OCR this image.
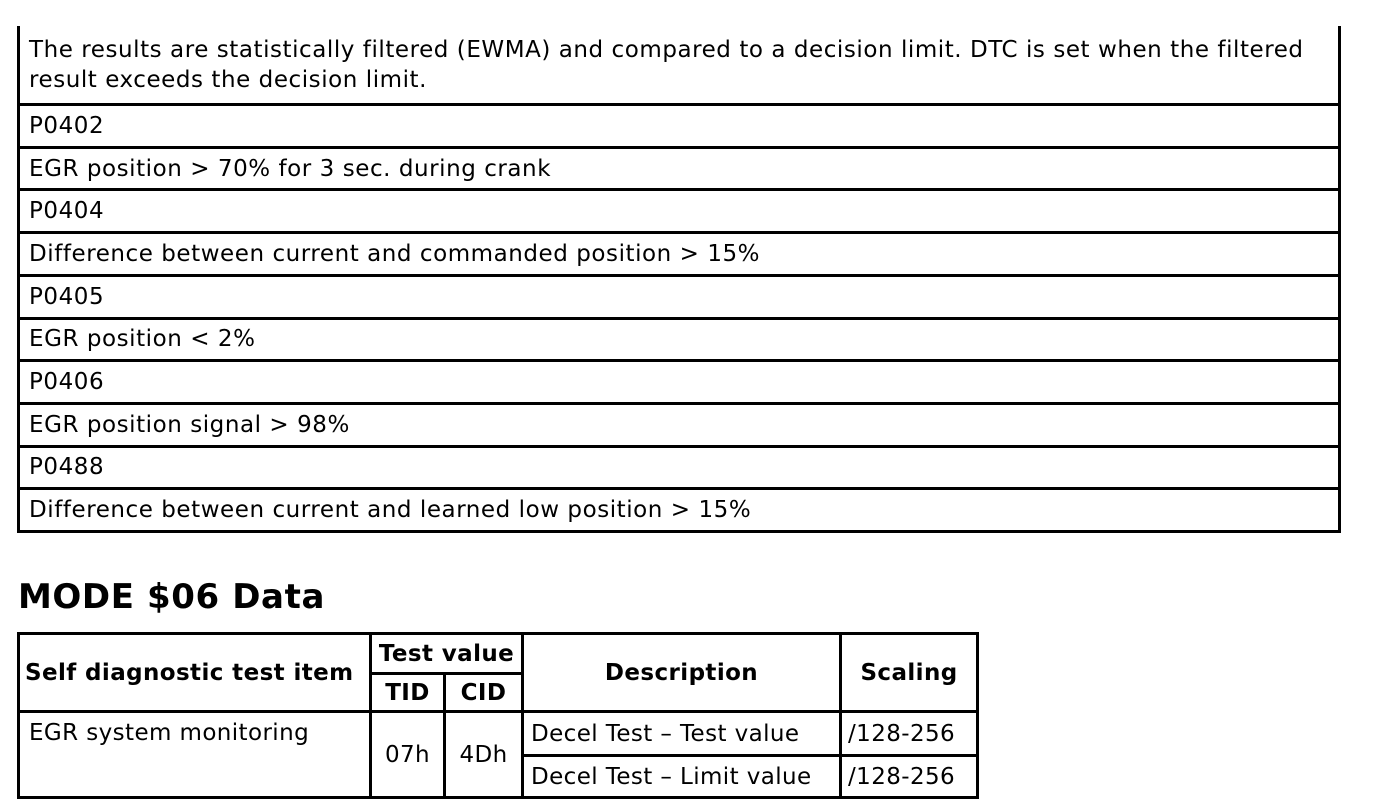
The results are statistically filtered (EWMA) and compared to a decision limit. DTC is set when the filtered result exceeds the decision limit.
P0402
EGR position > 70% for 3 sec. during crank
P0404
Difference between current and commanded position > 15%
P0405
EGR position < 2%
P0406
EGR position signal > 98%
P0488
Difference between current and learned low position > 15%
MODE $06 Data
Self diagnostic test item	Test value		Description	Scaling
	TID	CID		
EGR system monitoring	07h	4Dh	Decel Test – Test value	/128-256
			Decel Test – Limit value	/128-256
